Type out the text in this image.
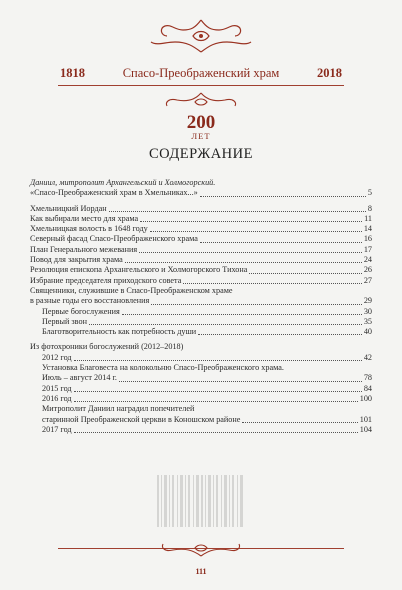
1818	Спасо-Преображенский храм	2018
200
ЛЕТ
СОДЕРЖАНИЕ
Даниил, митрополит Архангельский и Холмогорский.
«Спасо-Преображенский храм в Хмельниках...»	5
Хмельницкий Иордан	8
Как выбирали место для храма	11
Хмельницкая волость в 1648 году	14
Северный фасад Спасо-Преображенского храма	16
План Генерального межевания	17
Повод для закрытия храма	24
Резолюция епископа Архангельского и Холмогорского Тихона	26
Избрание председателя приходского совета	27
Священники, служившие в Спасо-Преображенском храме
в разные годы его восстановления	29
Первые богослужения	30
Первый звон	35
Благотворительность как потребность души	40
Из фотохроники богослужений (2012–2018)
2012 год	42
Установка Благовеста на колокольню Спасо-Преображенского храма.
Июль – август 2014 г.	78
2015 год	84
2016 год	100
Митрополит Даниил наградил попечителей
старинной Преображенской церкви в Коношском районе	101
2017 год	104
111
